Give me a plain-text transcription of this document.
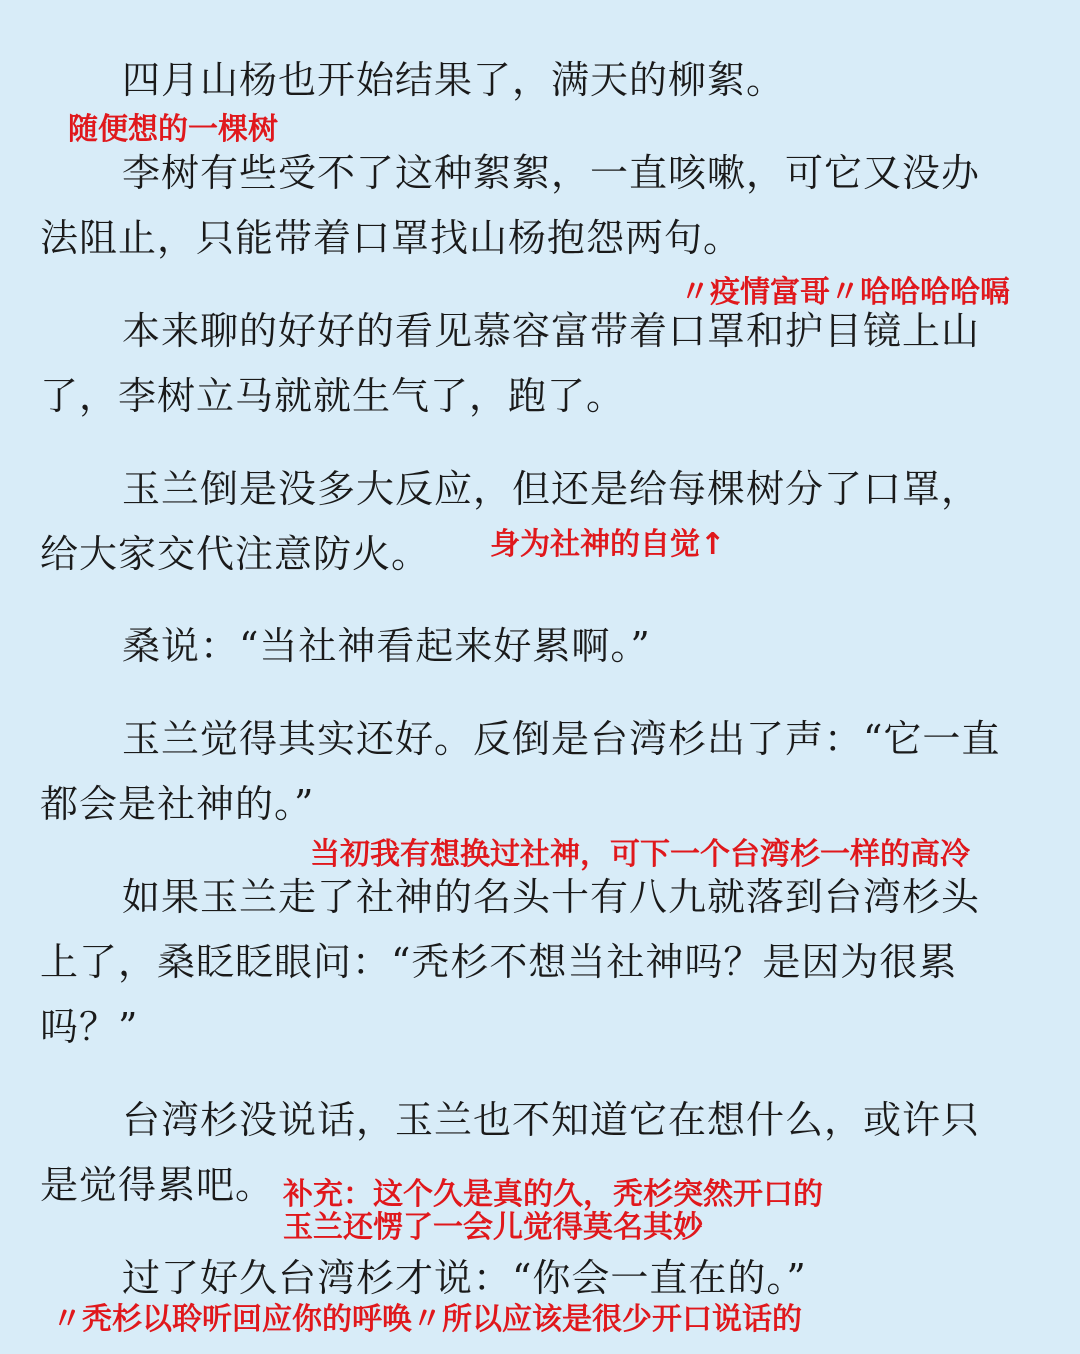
四月山杨也开始结果了，满天的柳絮。
随便想的一棵树
李树有些受不了这种絮絮，一直咳嗽，可它又没办
法阻止，只能带着口罩找山杨抱怨两句。
〃疫情富哥〃哈哈哈哈嗝
本来聊的好好的看见慕容富带着口罩和护目镜上山
了，李树立马就就生气了，跑了。
玉兰倒是没多大反应，但还是给每棵树分了口罩，
给大家交代注意防火。	身为社神的自觉↑
桑说：“当社神看起来好累啊。”
玉兰觉得其实还好。反倒是台湾杉出了声：“它一直
都会是社神的。”
当初我有想换过社神，可下一个台湾杉一样的高冷
如果玉兰走了社神的名头十有八九就落到台湾杉头
上了，桑眨眨眼问：“秃杉不想当社神吗？是因为很累
吗？”
台湾杉没说话，玉兰也不知道它在想什么，或许只
是觉得累吧。 补充：这个久是真的久，秃杉突然开口的
玉兰还愣了一会儿觉得莫名其妙
过了好久台湾杉才说：“你会一直在的。”
〃秃杉以聆听回应你的呼唤〃所以应该是很少开口说话的
